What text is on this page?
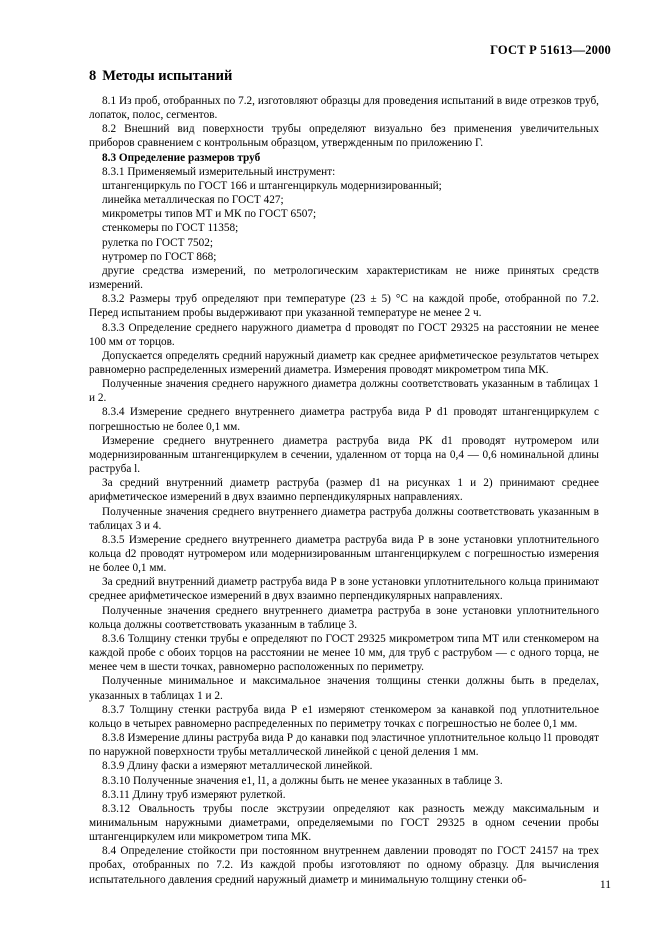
ГОСТ Р 51613—2000
8 Методы испытаний

8.1 Из проб, отобранных по 7.2, изготовляют образцы для проведения испытаний в виде отрезков труб, лопаток, полос, сегментов.

8.2 Внешний вид поверхности трубы определяют визуально без применения увеличительных приборов сравнением с контрольным образцом, утвержденным по приложению Г.

8.3 Определение размеров труб

8.3.1 Применяемый измерительный инструмент:

штангенциркуль по ГОСТ 166 и штангенциркуль модернизированный;

линейка металлическая по ГОСТ 427;

микрометры типов МТ и МК по ГОСТ 6507;

стенкомеры по ГОСТ 11358;

рулетка по ГОСТ 7502;

нутромер по ГОСТ 868;

другие средства измерений, по метрологическим характеристикам не ниже принятых средств измерений.

8.3.2 Размеры труб определяют при температуре (23 ± 5) °С на каждой пробе, отобранной по 7.2. Перед испытанием пробы выдерживают при указанной температуре не менее 2 ч.

8.3.3 Определение среднего наружного диаметра d проводят по ГОСТ 29325 на расстоянии не менее 100 мм от торцов.

Допускается определять средний наружный диаметр как среднее арифметическое результатов четырех равномерно распределенных измерений диаметра. Измерения проводят микрометром типа МК.

Полученные значения среднего наружного диаметра должны соответствовать указанным в таблицах 1 и 2.

8.3.4 Измерение среднего внутреннего диаметра раструба вида Р d1 проводят штангенциркулем с погрешностью не более 0,1 мм.

Измерение среднего внутреннего диаметра раструба вида РК d1 проводят нутромером или модернизированным штангенциркулем в сечении, удаленном от торца на 0,4 — 0,6 номинальной длины раструба l.

За средний внутренний диаметр раструба (размер d1 на рисунках 1 и 2) принимают среднее арифметическое измерений в двух взаимно перпендикулярных направлениях.

Полученные значения среднего внутреннего диаметра раструба должны соответствовать указанным в таблицах 3 и 4.

8.3.5 Измерение среднего внутреннего диаметра раструба вида Р в зоне установки уплотнительного кольца d2 проводят нутромером или модернизированным штангенциркулем с погрешностью измерения не более 0,1 мм.

За средний внутренний диаметр раструба вида Р в зоне установки уплотнительного кольца принимают среднее арифметическое измерений в двух взаимно перпендикулярных направлениях.

Полученные значения среднего внутреннего диаметра раструба в зоне установки уплотнительного кольца должны соответствовать указанным в таблице 3.

8.3.6 Толщину стенки трубы e определяют по ГОСТ 29325 микрометром типа МТ или стенкомером на каждой пробе с обоих торцов на расстоянии не менее 10 мм, для труб с раструбом — с одного торца, не менее чем в шести точках, равномерно расположенных по периметру.

Полученные минимальное и максимальное значения толщины стенки должны быть в пределах, указанных в таблицах 1 и 2.

8.3.7 Толщину стенки раструба вида Р e1 измеряют стенкомером за канавкой под уплотнительное кольцо в четырех равномерно распределенных по периметру точках с погрешностью не более 0,1 мм.

8.3.8 Измерение длины раструба вида Р до канавки под эластичное уплотнительное кольцо l1 проводят по наружной поверхности трубы металлической линейкой с ценой деления 1 мм.

8.3.9 Длину фаски a измеряют металлической линейкой.

8.3.10 Полученные значения e1, l1, a должны быть не менее указанных в таблице 3.

8.3.11 Длину труб измеряют рулеткой.

8.3.12 Овальность трубы после экструзии определяют как разность между максимальным и минимальным наружными диаметрами, определяемыми по ГОСТ 29325 в одном сечении пробы штангенциркулем или микрометром типа МК.

8.4 Определение стойкости при постоянном внутреннем давлении проводят по ГОСТ 24157 на трех пробах, отобранных по 7.2. Из каждой пробы изготовляют по одному образцу. Для вычисления испытательного давления средний наружный диаметр и минимальную толщину стенки об-	11
